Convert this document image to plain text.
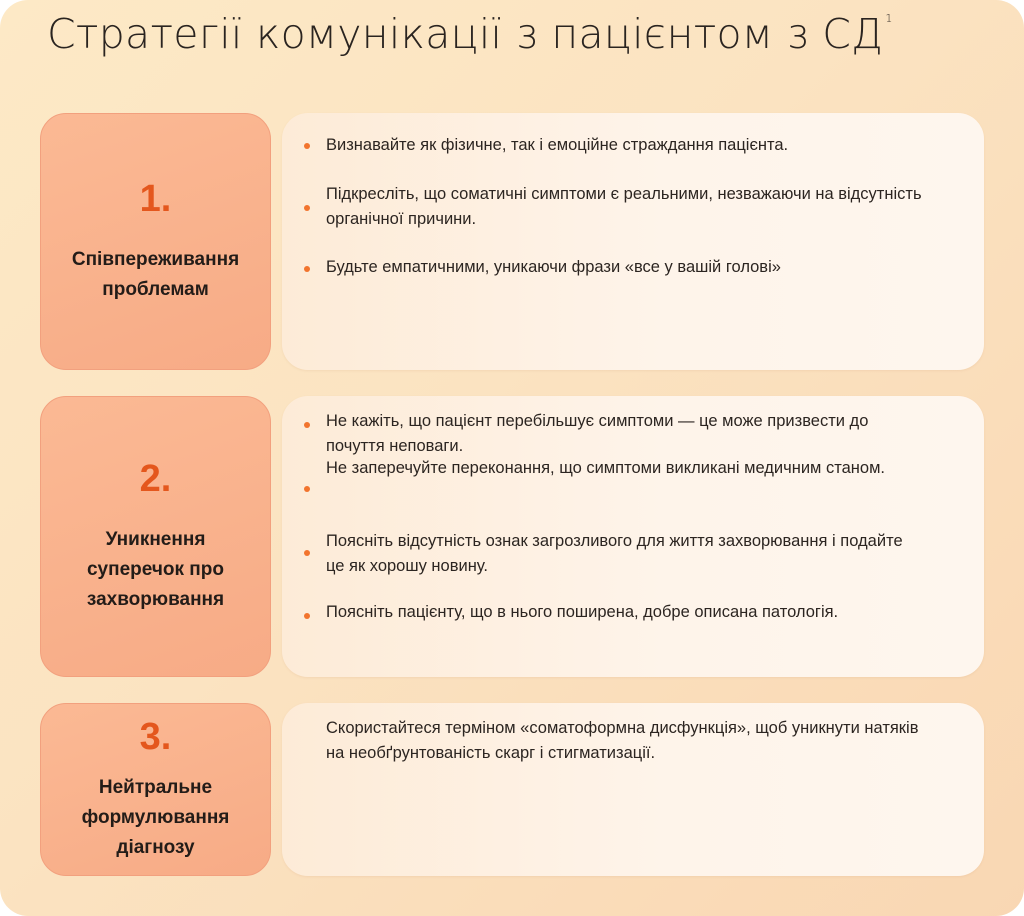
Стратегії комунікації з пацієнтом з СД $^1$
1.
Співпереживання
проблемам
Визнавайте як фізичне, так і емоційне страждання пацієнта.
Підкресліть, що соматичні симптоми є реальними, незважаючи на відсутність органічної причини.
Будьте емпатичними, уникаючи фрази «все у вашій голові»
2.
Уникнення
суперечок про
захворювання
Не кажіть, що пацієнт перебільшує симптоми — це може призвести до почуття неповаги.
Не заперечуйте переконання, що симптоми викликані медичним станом.
Поясніть відсутність ознак загрозливого для життя захворювання і подайте це як хорошу новину.
Поясніть пацієнту, що в нього поширена, добре описана патологія.
3.
Нейтральне
формулювання
діагнозу
Скористайтеся терміном «соматоформна дисфункція», щоб уникнути натяків на необґрунтованість скарг і стигматизації.
